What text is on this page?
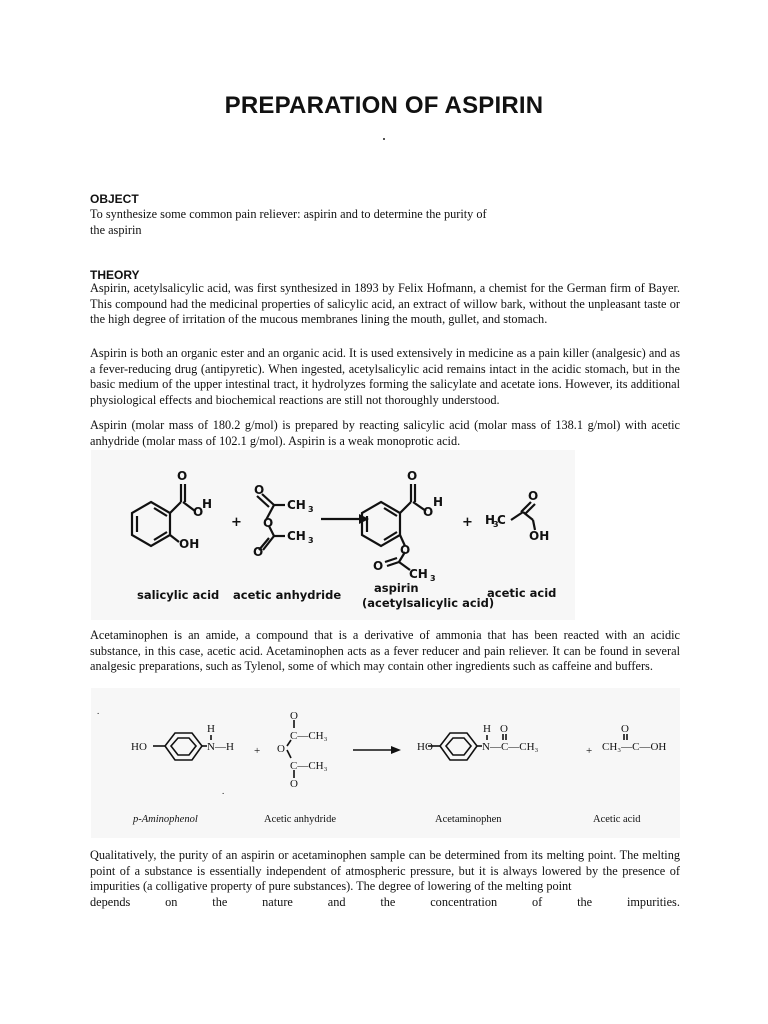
PREPARATION OF ASPIRIN
OBJECT
To synthesize some common pain reliever: aspirin and to determine the purity of the aspirin
THEORY
Aspirin, acetylsalicylic acid, was first synthesized in 1893 by Felix Hofmann, a chemist for the German firm of Bayer. This compound had the medicinal properties of salicylic acid, an extract of willow bark, without the unpleasant taste or the high degree of irritation of the mucous membranes lining the mouth, gullet, and stomach.
Aspirin is both an organic ester and an organic acid. It is used extensively in medicine as a pain killer (analgesic) and as a fever-reducing drug (antipyretic). When ingested, acetylsalicylic acid remains intact in the acidic stomach, but in the basic medium of the upper intestinal tract, it hydrolyzes forming the salicylate and acetate ions. However, its additional physiological effects and biochemical reactions are still not thoroughly understood.
Aspirin (molar mass of 180.2 g/mol) is prepared by reacting salicylic acid (molar mass of 138.1 g/mol) with acetic anhydride (molar mass of 102.1 g/mol). Aspirin is a weak monoprotic acid.
O
O
H
OH
+
O
CH 3
O
CH 3
O
O
O
H
O
O
CH 3
+ H
3
O
OH
C
salicylic acid acetic anhydride	aspirin
(acetylsalicylic acid)
acetic acid
Acetaminophen is an amide, a compound that is a derivative of ammonia that has been reacted with an acidic substance, in this case, acetic acid. Acetaminophen acts as a fever reducer and pain reliever. It can be found in several analgesic preparations, such as Tylenol, some of which may contain other ingredients such as caffeine and buffers.
.
HO
H
N—H +
O
C—CH₃
O
C—CH₃
O
HO
H O
N—C—CH₃	+
O
CH₃—C—OH
.
p-Aminophenol	Acetic anhydride	Acetaminophen	Acetic acid
Qualitatively, the purity of an aspirin or acetaminophen sample can be determined from its melting point. The melting point of a substance is essentially independent of atmospheric pressure, but it is always lowered by the presence of impurities (a colligative property of pure substances). The degree of lowering of the melting point
depends	on	the	nature	and	the	concentration	of	the	impurities.
